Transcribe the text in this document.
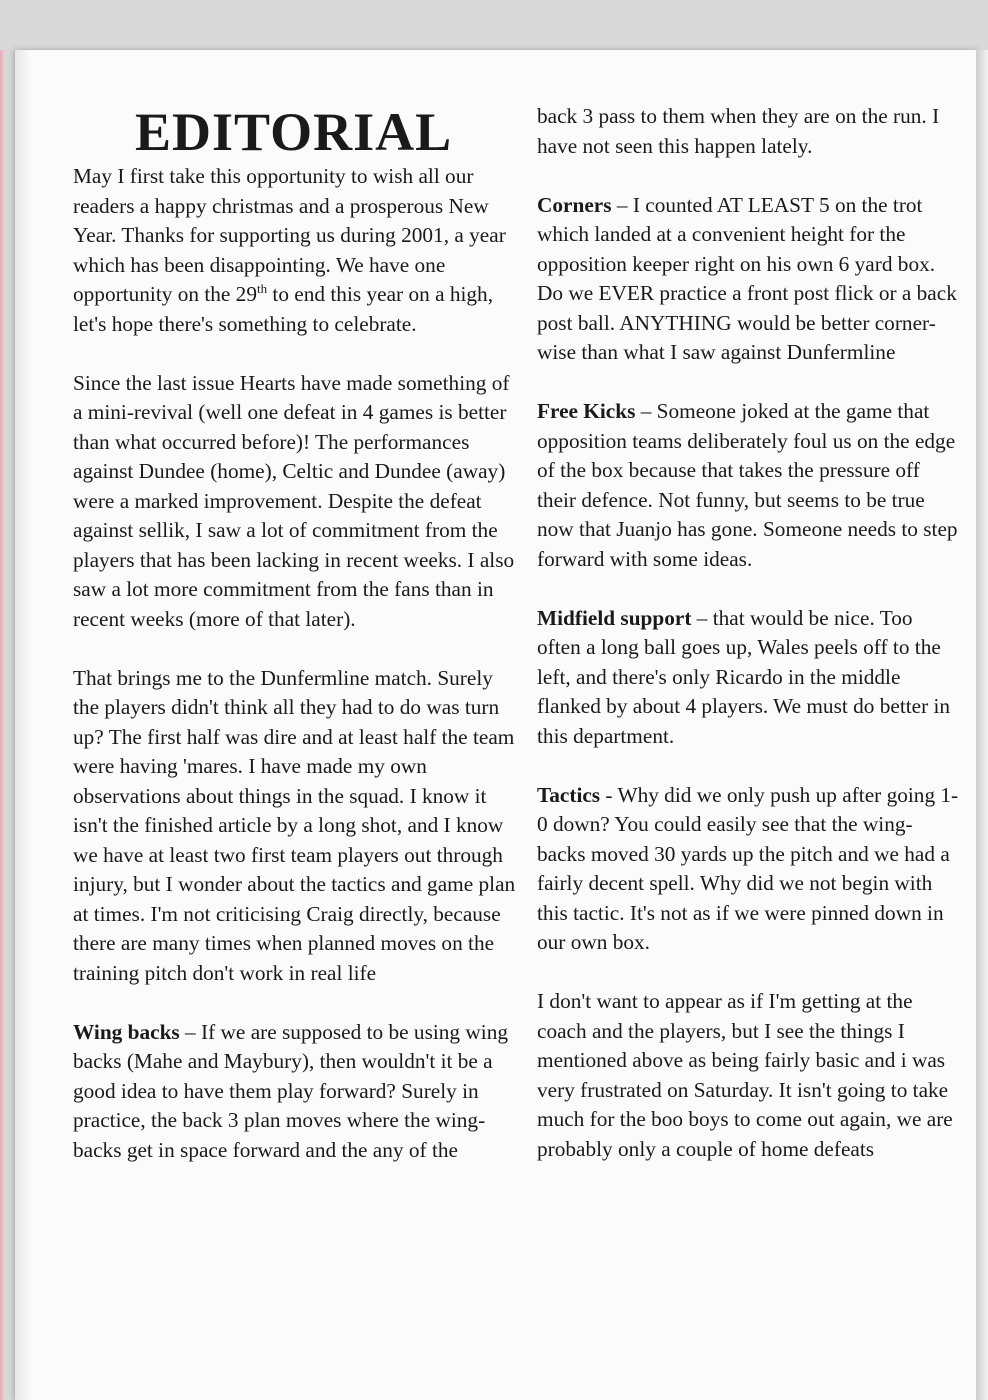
EDITORIAL

May I first take this opportunity to wish all our readers a happy christmas and a prosperous New Year. Thanks for supporting us during 2001, a year which has been disappointing. We have one opportunity on the 29th to end this year on a high, let's hope there's something to celebrate.

Since the last issue Hearts have made something of a mini-revival (well one defeat in 4 games is better than what occurred before)! The performances against Dundee (home), Celtic and Dundee (away) were a marked improvement. Despite the defeat against sellik, I saw a lot of commitment from the players that has been lacking in recent weeks. I also saw a lot more commitment from the fans than in recent weeks (more of that later).

That brings me to the Dunfermline match. Surely the players didn't think all they had to do was turn up? The first half was dire and at least half the team were having 'mares. I have made my own observations about things in the squad. I know it isn't the finished article by a long shot, and I know we have at least two first team players out through injury, but I wonder about the tactics and game plan at times. I'm not criticising Craig directly, because there are many times when planned moves on the training pitch don't work in real life

Wing backs – If we are supposed to be using wing backs (Mahe and Maybury), then wouldn't it be a good idea to have them play forward? Surely in practice, the back 3 plan moves where the wing-backs get in space forward and the any of the

back 3 pass to them when they are on the run. I have not seen this happen lately.

Corners – I counted AT LEAST 5 on the trot which landed at a convenient height for the opposition keeper right on his own 6 yard box. Do we EVER practice a front post flick or a back post ball. ANYTHING would be better corner-wise than what I saw against Dunfermline

Free Kicks – Someone joked at the game that opposition teams deliberately foul us on the edge of the box because that takes the pressure off their defence. Not funny, but seems to be true now that Juanjo has gone. Someone needs to step forward with some ideas.

Midfield support – that would be nice. Too often a long ball goes up, Wales peels off to the left, and there's only Ricardo in the middle flanked by about 4 players. We must do better in this department.

Tactics - Why did we only push up after going 1-0 down? You could easily see that the wing-backs moved 30 yards up the pitch and we had a fairly decent spell. Why did we not begin with this tactic. It's not as if we were pinned down in our own box.

I don't want to appear as if I'm getting at the coach and the players, but I see the things I mentioned above as being fairly basic and i was very frustrated on Saturday. It isn't going to take much for the boo boys to come out again, we are probably only a couple of home defeats
